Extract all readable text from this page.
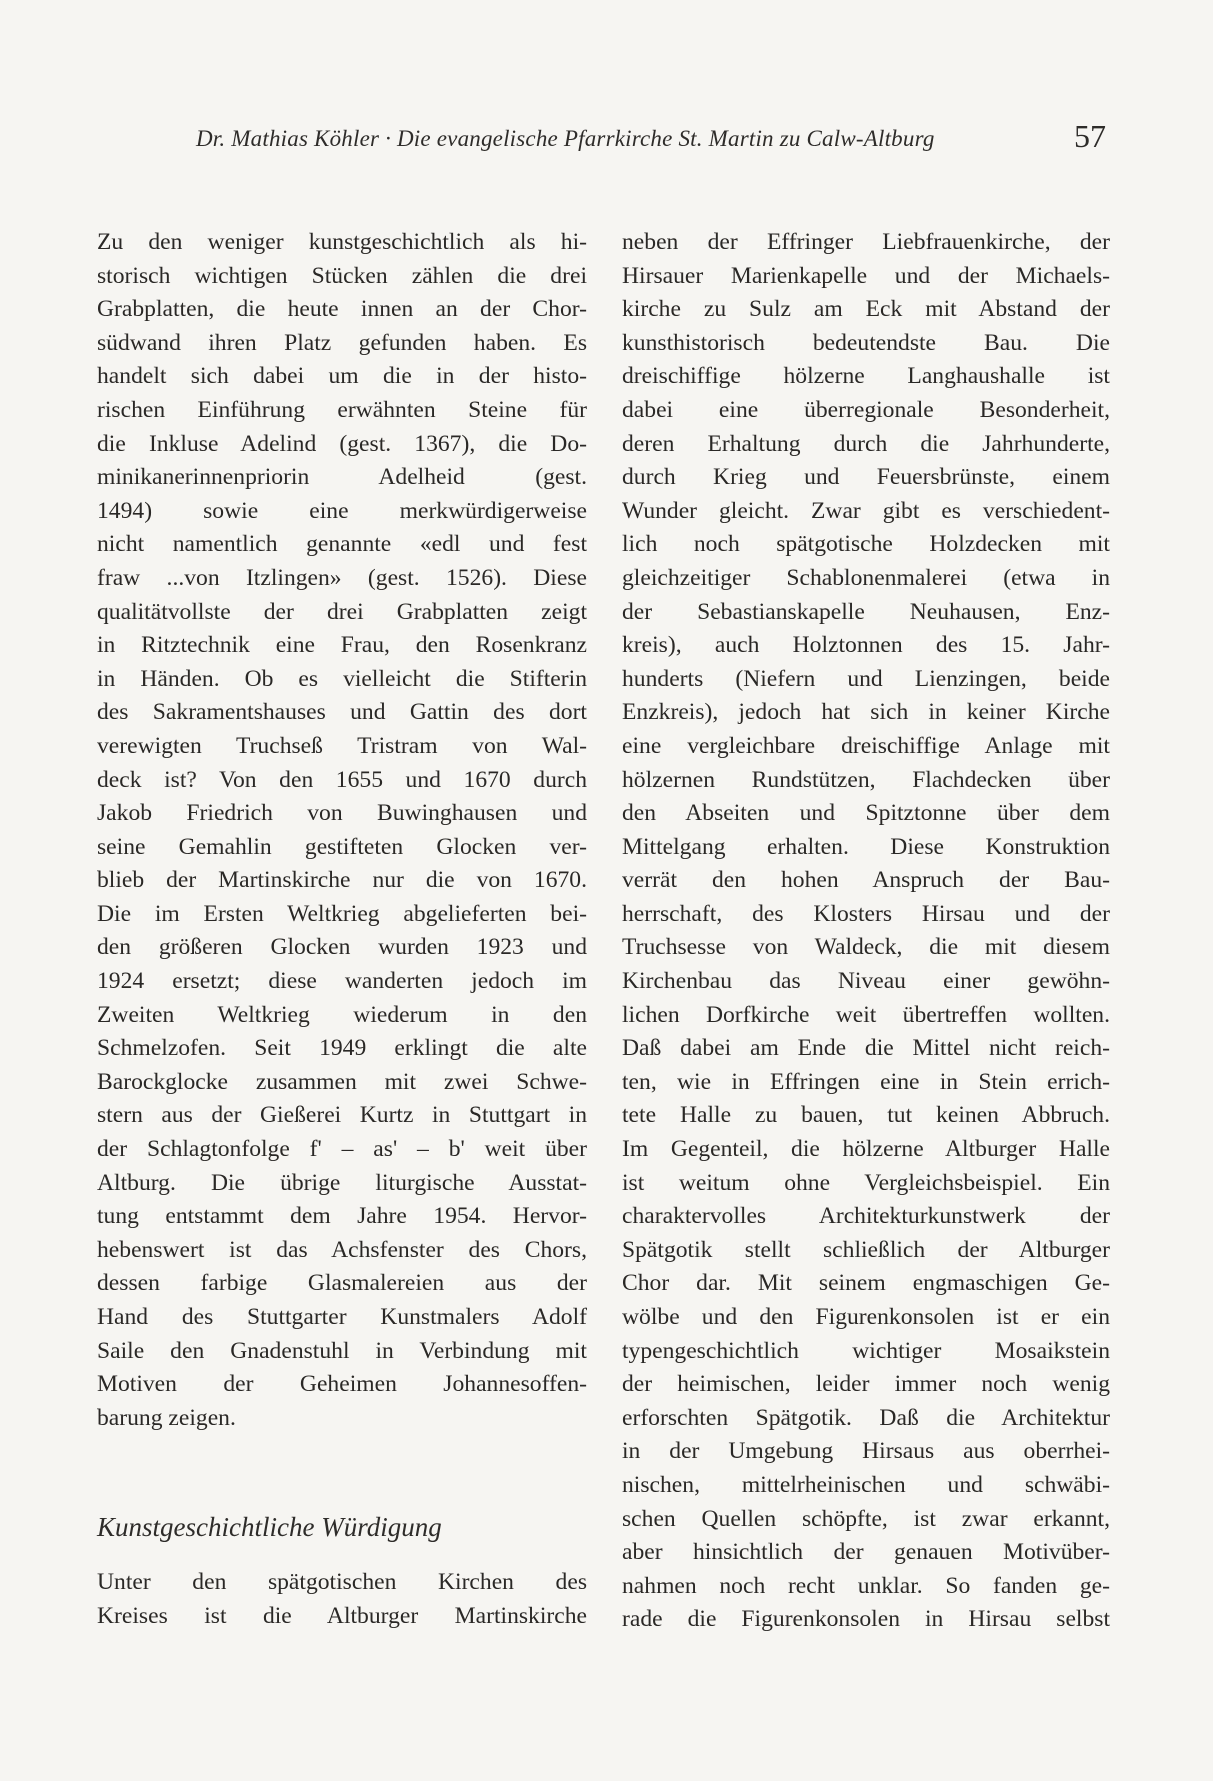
Dr. Mathias Köhler · Die evangelische Pfarrkirche St. Martin zu Calw-Altburg	57
Zu den weniger kunstgeschichtlich als hi-
storisch wichtigen Stücken zählen die drei
Grabplatten, die heute innen an der Chor-
südwand ihren Platz gefunden haben. Es
handelt sich dabei um die in der histo-
rischen Einführung erwähnten Steine für
die Inkluse Adelind (gest. 1367), die Do-
minikanerinnenpriorin Adelheid (gest.
1494) sowie eine merkwürdigerweise
nicht namentlich genannte «edl und fest
fraw ...von Itzlingen» (gest. 1526). Diese
qualitätvollste der drei Grabplatten zeigt
in Ritztechnik eine Frau, den Rosenkranz
in Händen. Ob es vielleicht die Stifterin
des Sakramentshauses und Gattin des dort
verewigten Truchseß Tristram von Wal-
deck ist? Von den 1655 und 1670 durch
Jakob Friedrich von Buwinghausen und
seine Gemahlin gestifteten Glocken ver-
blieb der Martinskirche nur die von 1670.
Die im Ersten Weltkrieg abgelieferten bei-
den größeren Glocken wurden 1923 und
1924 ersetzt; diese wanderten jedoch im
Zweiten Weltkrieg wiederum in den
Schmelzofen. Seit 1949 erklingt die alte
Barockglocke zusammen mit zwei Schwe-
stern aus der Gießerei Kurtz in Stuttgart in
der Schlagtonfolge f' – as' – b' weit über
Altburg. Die übrige liturgische Ausstat-
tung entstammt dem Jahre 1954. Hervor-
hebenswert ist das Achsfenster des Chors,
dessen farbige Glasmalereien aus der
Hand des Stuttgarter Kunstmalers Adolf
Saile den Gnadenstuhl in Verbindung mit
Motiven der Geheimen Johannesoffen-
barung zeigen.
Kunstgeschichtliche Würdigung
Unter den spätgotischen Kirchen des
Kreises ist die Altburger Martinskirche
neben der Effringer Liebfrauenkirche, der
Hirsauer Marienkapelle und der Michaels-
kirche zu Sulz am Eck mit Abstand der
kunsthistorisch bedeutendste Bau. Die
dreischiffige hölzerne Langhaushalle ist
dabei eine überregionale Besonderheit,
deren Erhaltung durch die Jahrhunderte,
durch Krieg und Feuersbrünste, einem
Wunder gleicht. Zwar gibt es verschiedent-
lich noch spätgotische Holzdecken mit
gleichzeitiger Schablonenmalerei (etwa in
der Sebastianskapelle Neuhausen, Enz-
kreis), auch Holztonnen des 15. Jahr-
hunderts (Niefern und Lienzingen, beide
Enzkreis), jedoch hat sich in keiner Kirche
eine vergleichbare dreischiffige Anlage mit
hölzernen Rundstützen, Flachdecken über
den Abseiten und Spitztonne über dem
Mittelgang erhalten. Diese Konstruktion
verrät den hohen Anspruch der Bau-
herrschaft, des Klosters Hirsau und der
Truchsesse von Waldeck, die mit diesem
Kirchenbau das Niveau einer gewöhn-
lichen Dorfkirche weit übertreffen wollten.
Daß dabei am Ende die Mittel nicht reich-
ten, wie in Effringen eine in Stein errich-
tete Halle zu bauen, tut keinen Abbruch.
Im Gegenteil, die hölzerne Altburger Halle
ist weitum ohne Vergleichsbeispiel. Ein
charaktervolles Architekturkunstwerk der
Spätgotik stellt schließlich der Altburger
Chor dar. Mit seinem engmaschigen Ge-
wölbe und den Figurenkonsolen ist er ein
typengeschichtlich wichtiger Mosaikstein
der heimischen, leider immer noch wenig
erforschten Spätgotik. Daß die Architektur
in der Umgebung Hirsaus aus oberrhei-
nischen, mittelrheinischen und schwäbi-
schen Quellen schöpfte, ist zwar erkannt,
aber hinsichtlich der genauen Motivüber-
nahmen noch recht unklar. So fanden ge-
rade die Figurenkonsolen in Hirsau selbst
